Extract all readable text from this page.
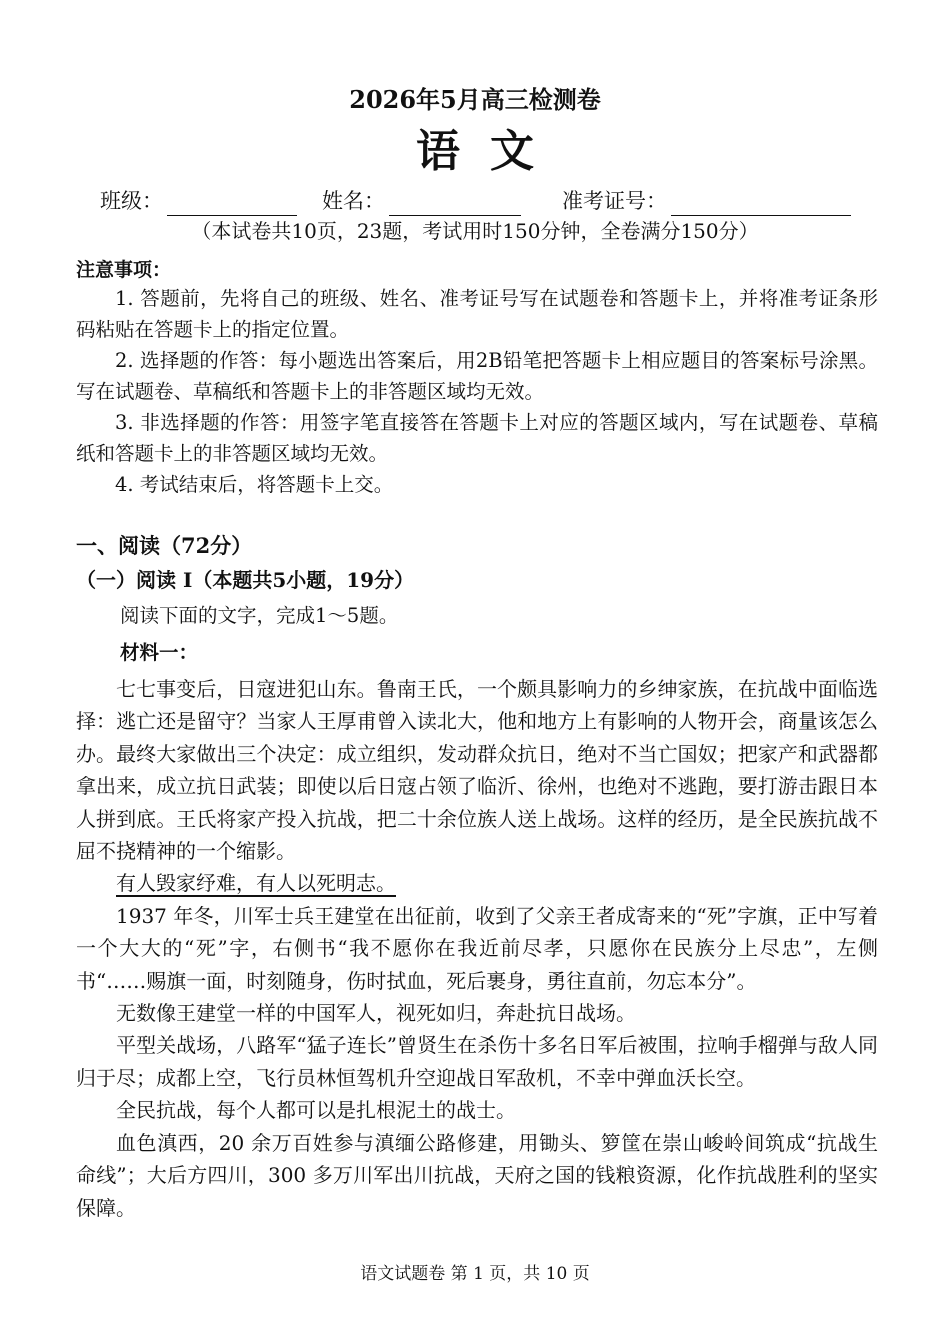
2026年5月高三检测卷
语文
班级：	姓名：	准考证号：
（本试卷共10页，23题，考试用时150分钟，全卷满分150分）
注意事项：

1. 答题前，先将自己的班级、姓名、准考证号写在试题卷和答题卡上，并将准考证条形码粘贴在答题卡上的指定位置。

2. 选择题的作答：每小题选出答案后，用2B铅笔把答题卡上相应题目的答案标号涂黑。写在试题卷、草稿纸和答题卡上的非答题区域均无效。

3. 非选择题的作答：用签字笔直接答在答题卡上对应的答题区域内，写在试题卷、草稿纸和答题卡上的非答题区域均无效。

4. 考试结束后，将答题卡上交。

一、阅读（72分）
（一）阅读 I（本题共5小题，19分）
阅读下面的文字，完成1～5题。
材料一：

七七事变后，日寇进犯山东。鲁南王氏，一个颇具影响力的乡绅家族，在抗战中面临选择：逃亡还是留守？当家人王厚甫曾入读北大，他和地方上有影响的人物开会，商量该怎么办。最终大家做出三个决定：成立组织，发动群众抗日，绝对不当亡国奴；把家产和武器都拿出来，成立抗日武装；即使以后日寇占领了临沂、徐州，也绝对不逃跑，要打游击跟日本人拼到底。王氏将家产投入抗战，把二十余位族人送上战场。这样的经历，是全民族抗战不屈不挠精神的一个缩影。

有人毁家纾难，有人以死明志。

1937 年冬，川军士兵王建堂在出征前，收到了父亲王者成寄来的“死”字旗，正中写着一个大大的“死”字，右侧书“我不愿你在我近前尽孝，只愿你在民族分上尽忠”，左侧书“……赐旗一面，时刻随身，伤时拭血，死后裹身，勇往直前，勿忘本分”。

无数像王建堂一样的中国军人，视死如归，奔赴抗日战场。

平型关战场，八路军“猛子连长”曾贤生在杀伤十多名日军后被围，拉响手榴弹与敌人同归于尽；成都上空，飞行员林恒驾机升空迎战日军敌机，不幸中弹血沃长空。

全民抗战，每个人都可以是扎根泥土的战士。

血色滇西，20 余万百姓参与滇缅公路修建，用锄头、箩筐在崇山峻岭间筑成“抗战生命线”；大后方四川，300 多万川军出川抗战，天府之国的钱粮资源，化作抗战胜利的坚实保障。

语文试题卷 第 1 页，共 10 页
